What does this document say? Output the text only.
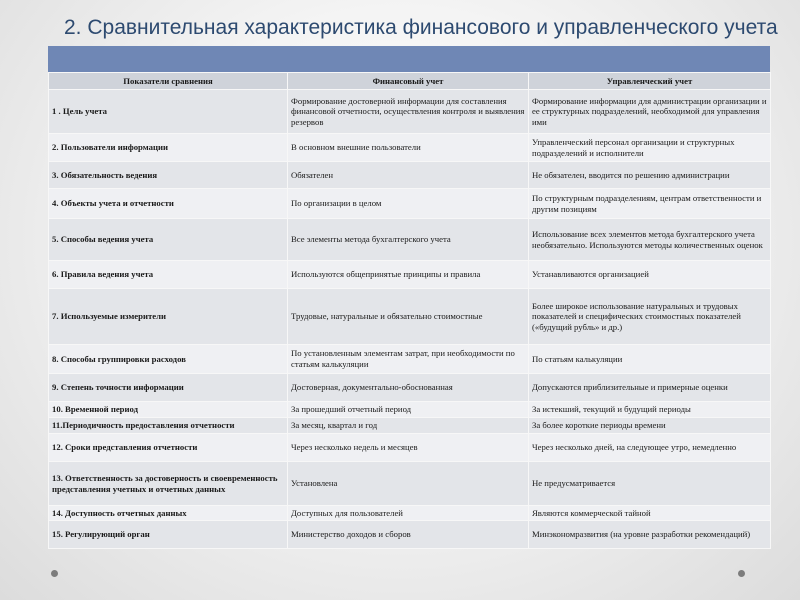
2. Сравнительная характеристика финансового и управленческого учета
Показатели сравнения	Финансовый учет	Управленческий учет
1 . Цель учета	Формирование достоверной информации для составления финансовой отчетности, осуществления контроля и выявления резервов	Формирование информации для администрации организации и ее структурных подразделений, необходимой для управления ими
2. Пользователи информации	В основном внешние пользователи	Управленческий персонал организации и структурных подразделений и исполнители
3. Обязательность ведения	Обязателен	Не обязателен, вводится по решению администрации
4. Объекты учета и отчетности	По организации в целом	По структурным подразделениям, центрам ответственности и другим позициям
5. Способы ведения учета	Все элементы метода бухгалтерского учета	Использование всех элементов метода бухгалтерского учета необязательно. Используются методы количественных оценок
6. Правила ведения учета	Используются общепринятые принципы и правила	Устанавливаются организацией
7. Используемые измерители	Трудовые, натуральные и обязательно стоимостные	Более широкое использование натуральных и трудовых показателей и специфических стоимостных показателей («будущий рубль» и др.)
8. Способы группировки расходов	По установленным элементам затрат, при необходимости по статьям калькуляции	По статьям калькуляции
9. Степень точности информации	Достоверная, документально-обоснованная	Допускаются приблизительные и примерные оценки
10. Временной период	За прошедший отчетный период	За истекший, текущий и будущий периоды
11.Периодичность предоставления отчетности	За месяц, квартал и год	За более короткие периоды времени
12. Сроки представления отчетности	Через несколько недель и месяцев	Через несколько дней, на следующее утро, немедленно
13. Ответственность за достоверность и своевременность представления учетных и отчетных данных	Установлена	Не предусматривается
14. Доступность отчетных данных	Доступных для пользователей	Являются коммерческой тайной
15. Регулирующий орган	Министерство доходов и сборов	Минэкономразвития (на уровне разработки рекомендаций)
